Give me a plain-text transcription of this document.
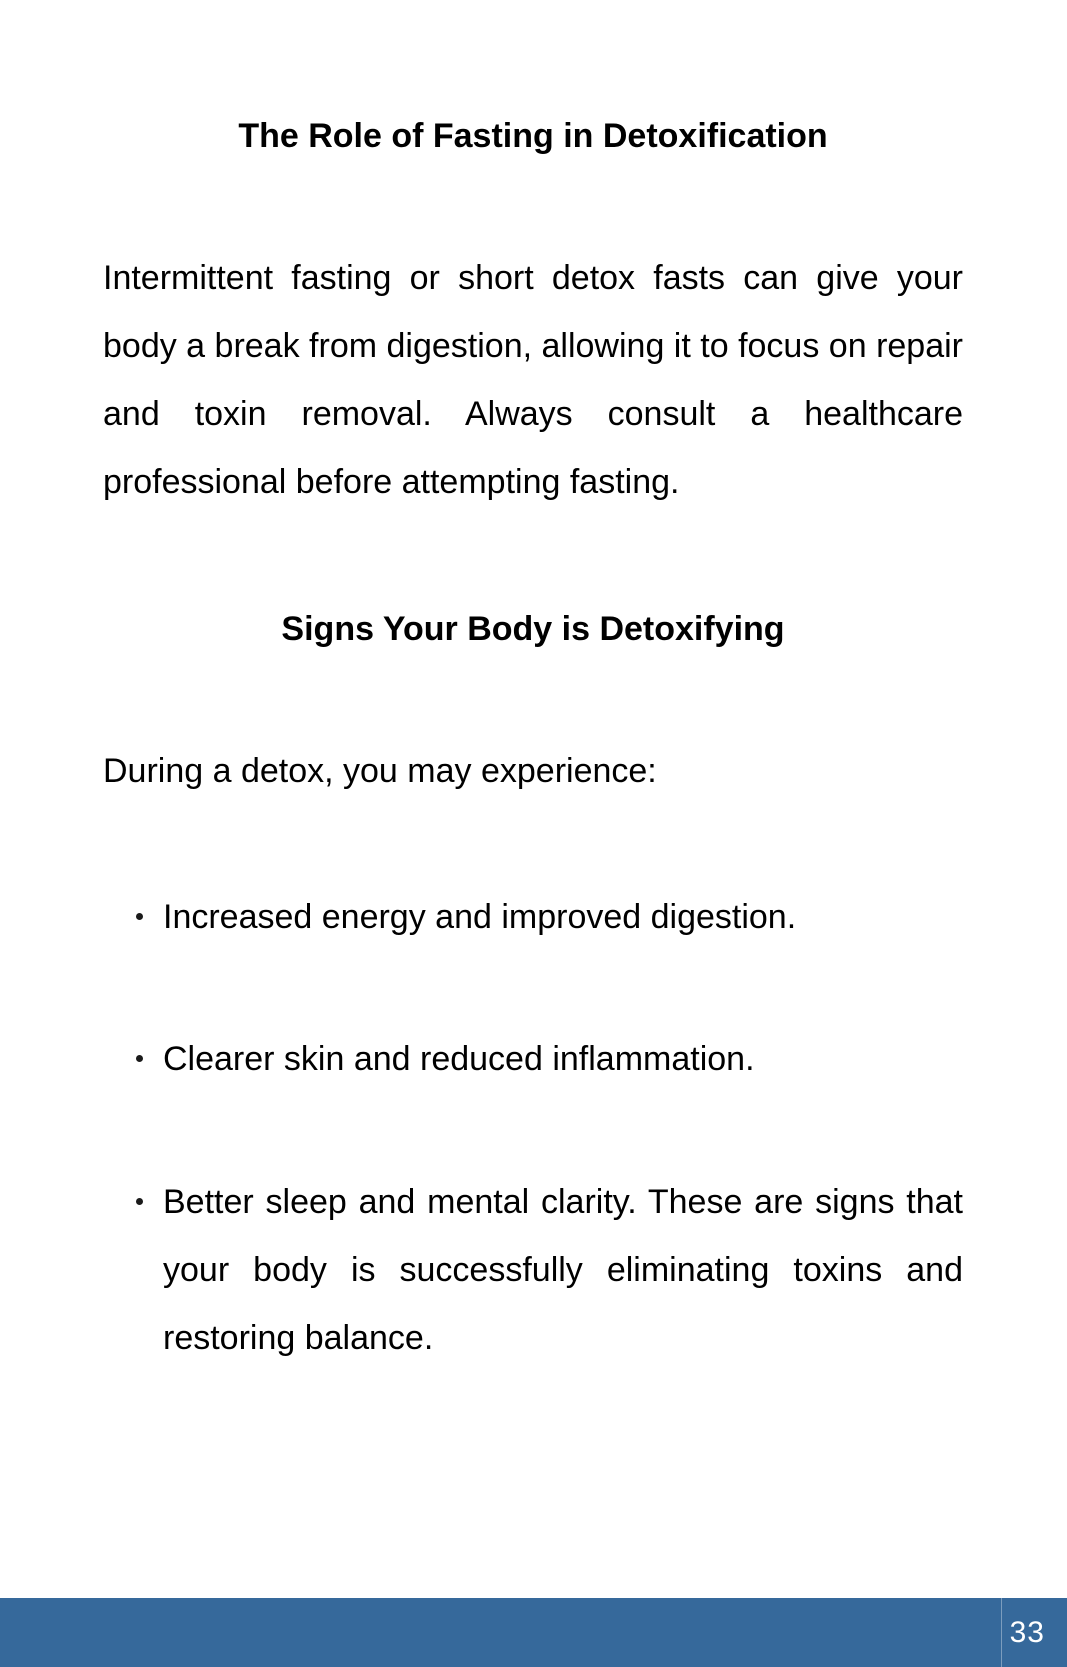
The Role of Fasting in Detoxification
Intermittent fasting or short detox fasts can give your
body a break from digestion, allowing it to focus on repair
and toxin removal. Always consult a healthcare
professional before attempting fasting.
Signs Your Body is Detoxifying
During a detox, you may experience:
Increased energy and improved digestion.
Clearer skin and reduced inflammation.
Better sleep and mental clarity. These are signs that
your body is successfully eliminating toxins and
restoring balance.
33
